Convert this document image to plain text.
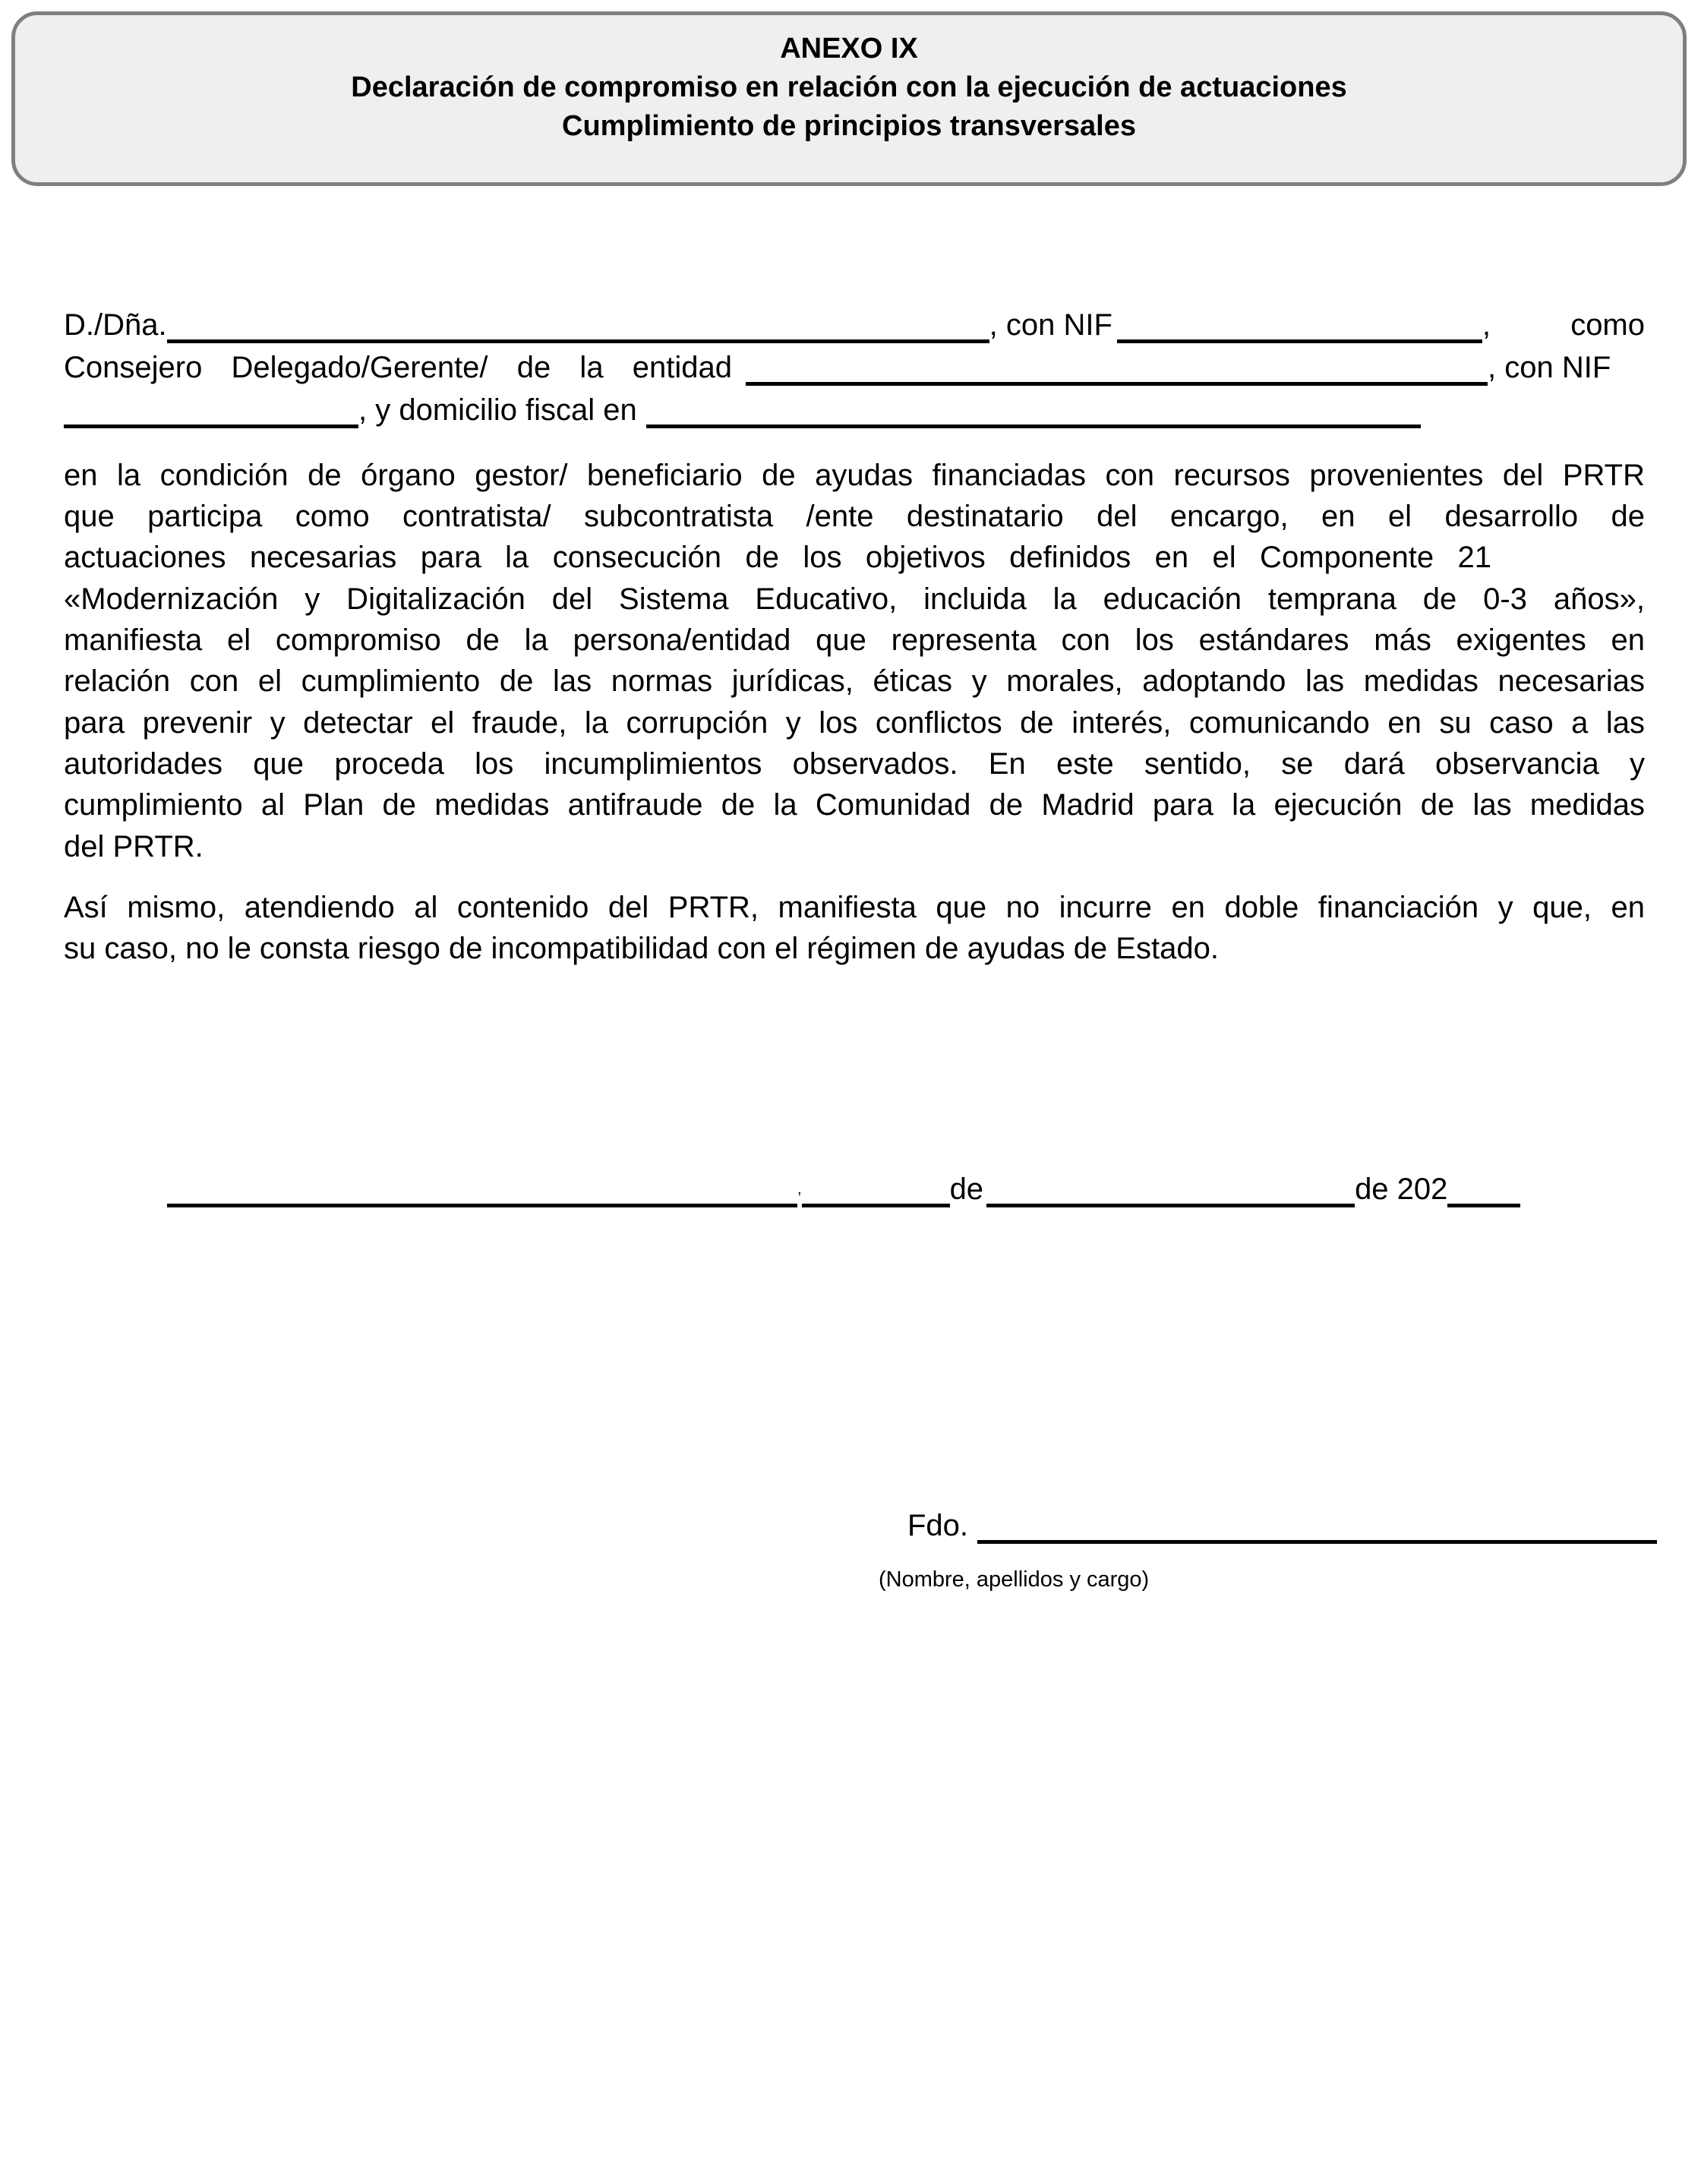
ANEXO IX
Declaración de compromiso en relación con la ejecución de actuaciones
Cumplimiento de principios transversales
D./Dña.	, con NIF	,	como
Consejero Delegado/Gerente/ de la entidad	, con NIF
, y domicilio fiscal en
en la condición de órgano gestor/ beneficiario de ayudas financiadas con recursos provenientes del PRTR
que participa como contratista/ subcontratista /ente destinatario del encargo, en el desarrollo de
actuaciones necesarias para la consecución de los objetivos definidos en el Componente 21
«Modernización y Digitalización del Sistema Educativo, incluida la educación temprana de 0-3 años»,
manifiesta el compromiso de la persona/entidad que representa con los estándares más exigentes en
relación con el cumplimiento de las normas jurídicas, éticas y morales, adoptando las medidas necesarias
para prevenir y detectar el fraude, la corrupción y los conflictos de interés, comunicando en su caso a las
autoridades que proceda los incumplimientos observados. En este sentido, se dará observancia y
cumplimiento al Plan de medidas antifraude de la Comunidad de Madrid para la ejecución de las medidas
del PRTR.
Así mismo, atendiendo al contenido del PRTR, manifiesta que no incurre en doble financiación y que, en
su caso, no le consta riesgo de incompatibilidad con el régimen de ayudas de Estado.
,	de	de 202
Fdo.
(Nombre, apellidos y cargo)
